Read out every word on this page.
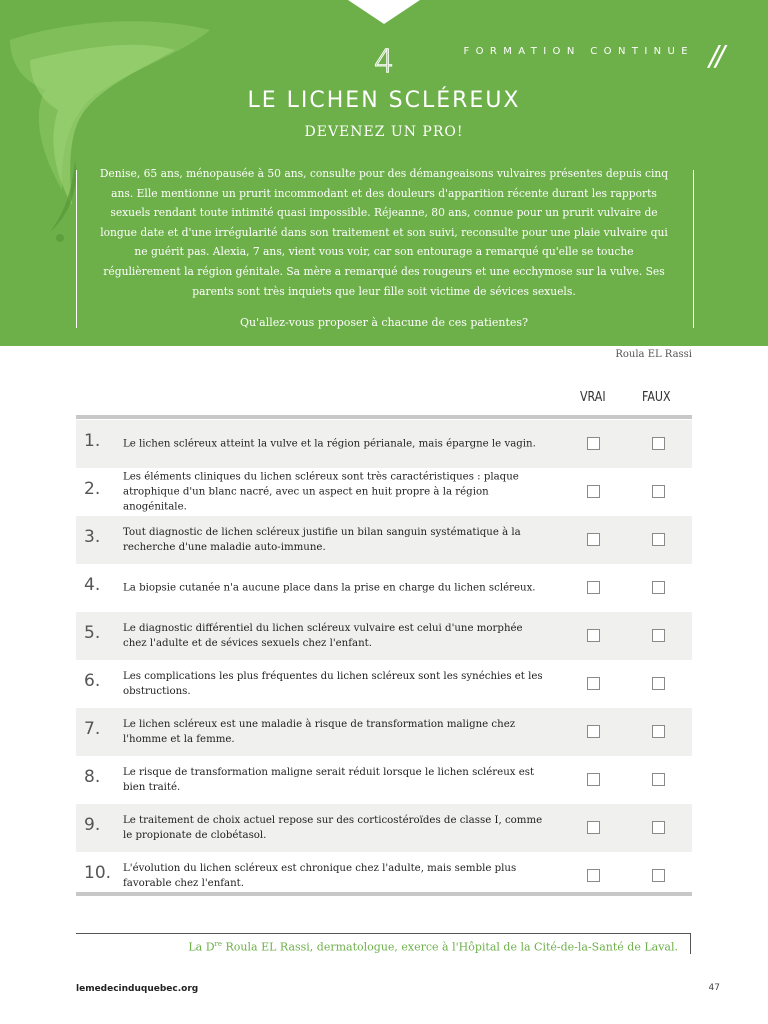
FORMATION CONTINUE //
4
LE LICHEN SCLÉREUX
DEVENEZ UN PRO!
Denise, 65 ans, ménopausée à 50 ans, consulte pour des démangeaisons vulvaires présentes depuis cinq ans. Elle mentionne un prurit incommodant et des douleurs d'apparition récente durant les rapports sexuels rendant toute intimité quasi impossible. Réjeanne, 80 ans, connue pour un prurit vulvaire de longue date et d'une irrégularité dans son traitement et son suivi, reconsulte pour une plaie vulvaire qui ne guérit pas. Alexia, 7 ans, vient vous voir, car son entourage a remarqué qu'elle se touche régulièrement la région génitale. Sa mère a remarqué des rougeurs et une ecchymose sur la vulve. Ses parents sont très inquiets que leur fille soit victime de sévices sexuels.
Qu'allez-vous proposer à chacune de ces patientes?
Roula EL Rassi
VRAI	FAUX
1. Le lichen scléreux atteint la vulve et la région périanale, mais épargne le vagin.
2.
Les éléments cliniques du lichen scléreux sont très caractéristiques : plaque atrophique d'un blanc nacré, avec un aspect en huit propre à la région anogénitale.
3. Tout diagnostic de lichen scléreux justifie un bilan sanguin systématique à la recherche d'une maladie auto-immune.
4. La biopsie cutanée n'a aucune place dans la prise en charge du lichen scléreux.
5. Le diagnostic différentiel du lichen scléreux vulvaire est celui d'une morphée chez l'adulte et de sévices sexuels chez l'enfant.
6. Les complications les plus fréquentes du lichen scléreux sont les synéchies et les obstructions.
7. Le lichen scléreux est une maladie à risque de transformation maligne chez l'homme et la femme.
8. Le risque de transformation maligne serait réduit lorsque le lichen scléreux est bien traité.
9. Le traitement de choix actuel repose sur des corticostéroïdes de classe I, comme le propionate de clobétasol.
10. L'évolution du lichen scléreux est chronique chez l'adulte, mais semble plus favorable chez l'enfant.
La Dre Roula EL Rassi, dermatologue, exerce à l'Hôpital de la Cité-de-la-Santé de Laval.
lemedecinduquebec.org	47
